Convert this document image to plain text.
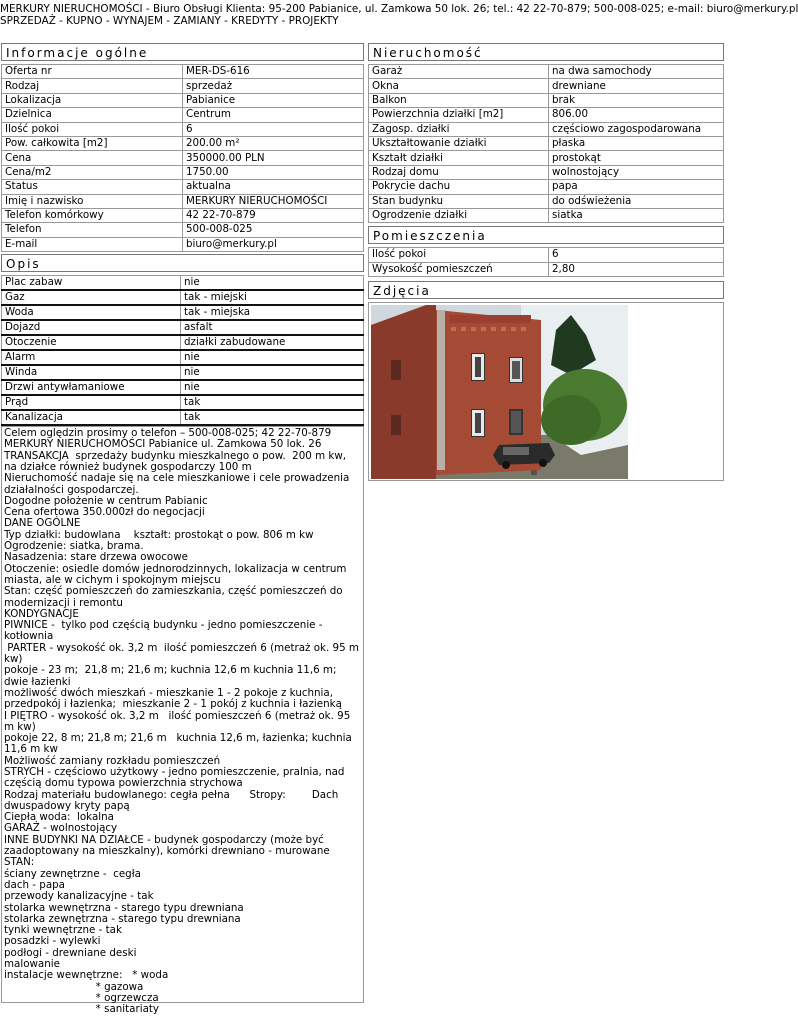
MERKURY NIERUCHOMOŚCI - Biuro Obsługi Klienta: 95-200 Pabianice, ul. Zamkowa 50 lok. 26; tel.: 42 22-70-879; 500-008-025; e-mail: biuro@merkury.pl
SPRZEDAŻ - KUPNO - WYNAJEM - ZAMIANY - KREDYTY - PROJEKTY
Informacje ogólne
Oferta nr	MER-DS-616
Rodzaj	sprzedaż
Lokalizacja	Pabianice
Dzielnica	Centrum
Ilość pokoi	6
Pow. całkowita [m2]	200.00 m²
Cena	350000.00 PLN
Cena/m2	1750.00
Status	aktualna
Imię i nazwisko	MERKURY NIERUCHOMOŚCI
Telefon komórkowy	42 22-70-879
Telefon	500-008-025
E-mail	biuro@merkury.pl
Opis
Plac zabaw	nie
Gaz	tak - miejski
Woda	tak - miejska
Dojazd	asfalt
Otoczenie	działki zabudowane
Alarm	nie
Winda	nie
Drzwi antywłamaniowe	nie
Prąd	tak
Kanalizacja	tak
Celem oględzin prosimy o telefon – 500-008-025; 42 22-70-879
MERKURY NIERUCHOMOŚCI Pabianice ul. Zamkowa 50 lok. 26
TRANSAKCJA  sprzedaży budynku mieszkalnego o pow.  200 m kw, na działce również budynek gospodarczy 100 m
Nieruchomość nadaje się na cele mieszkaniowe i cele prowadzenia działalności gospodarczej.
Dogodne położenie w centrum Pabianic
Cena ofertowa 350.000zł do negocjacji
DANE OGÓLNE
Typ działki: budowlana    kształt: prostokąt o pow. 806 m kw
Ogrodzenie: siatka, brama.
Nasadzenia: stare drzewa owocowe
Otoczenie: osiedle domów jednorodzinnych, lokalizacja w centrum miasta, ale w cichym i spokojnym miejscu
Stan: część pomieszczeń do zamieszkania, część pomieszczeń do modernizacji i remontu
KONDYGNACJE
PIWNICE -  tylko pod częścią budynku - jedno pomieszczenie - kotłownia
PARTER - wysokość ok. 3,2 m  ilość pomieszczeń 6 (metraż ok. 95 m kw)
pokoje - 23 m;  21,8 m; 21,6 m; kuchnia 12,6 m kuchnia 11,6 m; dwie łazienki
możliwość dwóch mieszkań - mieszkanie 1 - 2 pokoje z kuchnia, przedpokój i łazienka;  mieszkanie 2 - 1 pokój z kuchnia i łazienką
I PIĘTRO - wysokość ok. 3,2 m   ilość pomieszczeń 6 (metraż ok. 95 m kw)
pokoje 22, 8 m; 21,8 m; 21,6 m   kuchnia 12,6 m, łazienka; kuchnia 11,6 m kw
Możliwość zamiany rozkładu pomieszczeń
STRYCH - częściowo użytkowy - jedno pomieszczenie, pralnia, nad częścią domu typowa powierzchnia strychowa
Rodzaj materiału budowlanego: cegła pełna      Stropy:        Dach dwuspadowy kryty papą
Ciepła woda:  lokalna
GARAŻ - wolnostojący
INNE BUDYNKI NA DZIAŁCE - budynek gospodarczy (może być zaadoptowany na mieszkalny), komórki drewniano - murowane
STAN:
ściany zewnętrzne -  cegła
dach - papa
przewody kanalizacyjne - tak
stolarka wewnętrzna - starego typu drewniana
stolarka zewnętrzna - starego typu drewniana
tynki wewnętrzne - tak
posadzki - wylewki
podłogi - drewniane deski
malowanie
instalacje wewnętrzne:   * woda
* gazowa
* ogrzewcza
* sanitariaty
Nieruchomość
Garaż	na dwa samochody
Okna	drewniane
Balkon	brak
Powierzchnia działki [m2]	806.00
Zagosp. działki	częściowo zagospodarowana
Ukształtowanie działki	płaska
Kształt działki	prostokąt
Rodzaj domu	wolnostojący
Pokrycie dachu	papa
Stan budynku	do odświeżenia
Ogrodzenie działki	siatka
Pomieszczenia
Ilość pokoi	6
Wysokość pomieszczeń	2,80
Zdjęcia
